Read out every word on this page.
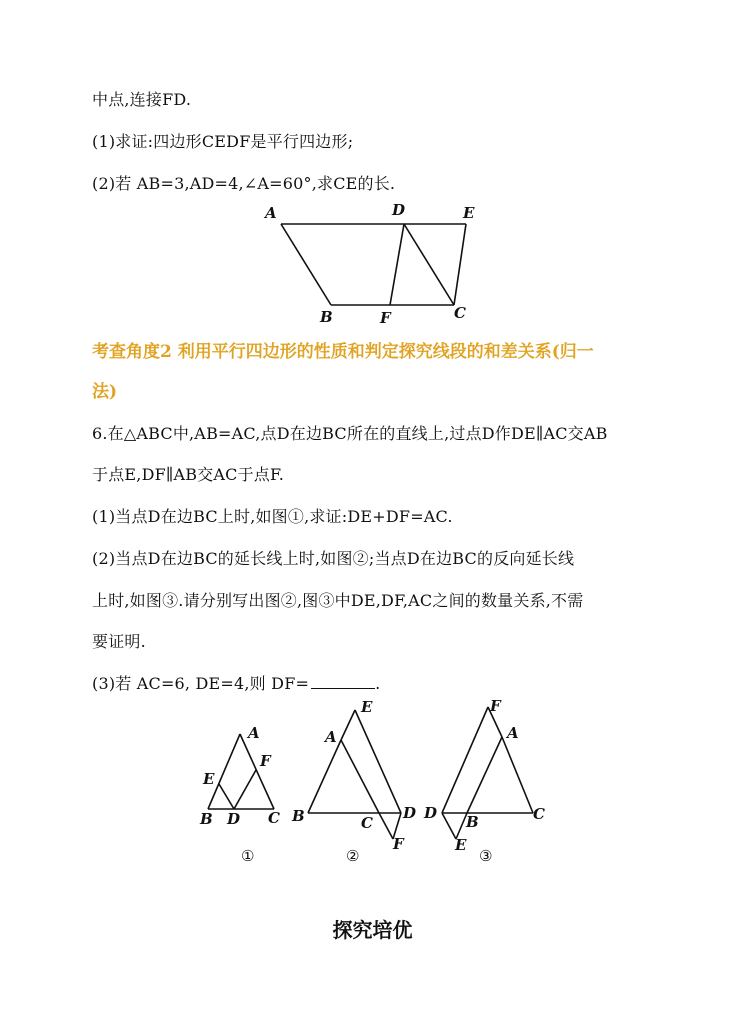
中点,连接FD.
(1)求证:四边形CEDF是平行四边形;
(2)若 AB=3,AD=4,∠A=60°,求CE的长.
A	D	E
B	F	C
A
E
F
B D C
①
E
A
B	C
D
F
②
F
A
D B	C
E
③
考查角度2 利用平行四边形的性质和判定探究线段的和差关系(归一
法)
6.在△ABC中,AB=AC,点D在边BC所在的直线上,过点D作DE∥AC交AB
于点E,DF∥AB交AC于点F.
(1)当点D在边BC上时,如图①,求证:DE+DF=AC.
(2)当点D在边BC的延长线上时,如图②;当点D在边BC的反向延长线
上时,如图③.请分别写出图②,图③中DE,DF,AC之间的数量关系,不需
要证明.
(3)若 AC=6, DE=4,则 DF=	.
探究培优
